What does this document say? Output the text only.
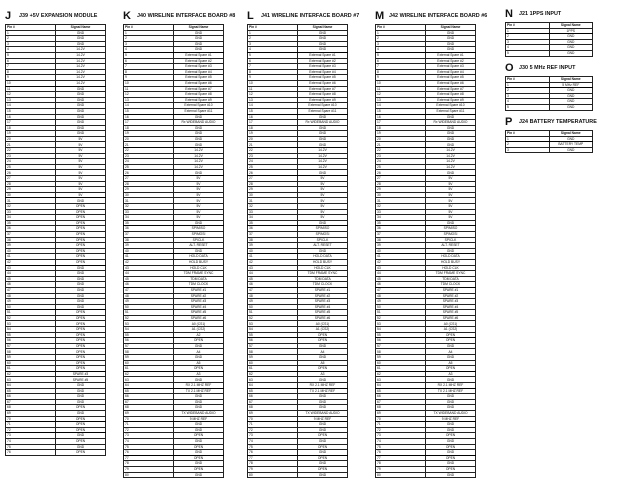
J	J39 +5V EXPANSION MODULE
Pin #	Signal Name
1	GND
2	GND
3	GND
4	14.2V
5	14.2V
6	14.2V
7	14.2V
8	14.2V
9	14.2V
10	14.2V
11	GND
12	GND
13	GND
14	GND
15	GND
16	GND
17	GND
18	GND
19	GND
20	5V
21	5V
22	5V
23	5V
24	5V
25	5V
26	5V
27	5V
28	5V
29	5V
30	5V
31	GND
32	OPEN
33	OPEN
34	OPEN
35	OPEN
36	OPEN
37	OPEN
38	OPEN
39	OPEN
40	OPEN
41	OPEN
42	OPEN
43	GND
44	GND
45	GND
46	GND
47	GND
48	GND
49	GND
50	GND
51	OPEN
52	OPEN
53	OPEN
54	OPEN
55	OPEN
56	OPEN
57	OPEN
58	OPEN
59	OPEN
60	OPEN
61	OPEN
62	SPARE #3
63	SPARE #5
64	GND
65	GND
66	GND
67	GND
68	OPEN
69	GND
70	OPEN
71	OPEN
72	OPEN
73	GND
74	OPEN
75	GND
76	OPEN
K	J40 WIRELINE INTERFACE BOARD #8
Pin #	Signal Name
1	GND
2	GND
3	GND
4	GND
5	External Spare #1
6	External Spare #2
7	External Spare #3
8	External Spare #4
9	External Spare #5
10	External Spare #6
11	External Spare #7
12	External Spare #8
13	External Spare #9
14	External Spare #10
15	External Spare #11
16	GND
17	Rx WIDEBAND AUDIO
18	GND
19	GND
20	GND
21	GND
22	14.2V
23	14.2V
24	14.2V
25	14.2V
26	GND
27	5V
28	5V
29	5V
30	5V
31	5V
32	5V
33	5V
34	5V
35	GND
36	SPIMISO
37	SPIMOSI
38	SPICLK
39	ALT. RESET
40	GND
41	HOLD DATA
42	HOLD BUSY
43	HOLD CLK
44	TDM FRAME SYNC
45	TDM DATA
46	TDM CLOCK
47	SPARE #1
48	SPARE #2
49	SPARE #3
50	SPARE #4
51	SPARE #5
52	SPARE #6
53	A0 (CS1)
54	A1 (CS2)
55	A2
56	OPEN
57	GND
58	A4
59	GND
60	A5
61	OPEN
62	A3
63	GND
64	RX 2.1 MHZ REF
65	TX 2.1 MHZ REF
66	GND
67	GND
68	GND
69	TX WIDEBAND AUDIO
70	9 MHZ REF
71	GND
72	GND
73	OPEN
74	GND
75	OPEN
76	GND
77	OPEN
78	GND
79	OPEN
80	GND
L	J41 WIRELINE INTERFACE BOARD #7
Pin #	Signal Name
1	GND
2	GND
3	GND
4	GND
5	External Spare #1
6	External Spare #2
7	External Spare #3
8	External Spare #4
9	External Spare #5
10	External Spare #6
11	External Spare #7
12	External Spare #8
13	External Spare #9
14	External Spare #10
15	External Spare #11
16	GND
17	Rx WIDEBAND AUDIO
18	GND
19	GND
20	GND
21	GND
22	14.2V
23	14.2V
24	14.2V
25	14.2V
26	GND
27	5V
28	5V
29	5V
30	5V
31	5V
32	5V
33	5V
34	5V
35	GND
36	SPIMISO
37	SPIMOSI
38	SPICLK
39	ALT. RESET
40	GND
41	HOLD DATA
42	HOLD BUSY
43	HOLD CLK
44	TDM FRAME SYNC
45	TDM DATA
46	TDM CLOCK
47	SPARE #1
48	SPARE #2
49	SPARE #3
50	SPARE #4
51	SPARE #5
52	SPARE #6
53	A0 (CS1)
54	A1 (CS2)
55	OPEN
56	OPEN
57	GND
58	A4
59	GND
60	A5
61	OPEN
62	A3
63	GND
64	RX 2.1 MHZ REF
65	TX 2.1 MHZ REF
66	GND
67	GND
68	GND
69	TX WIDEBAND AUDIO
70	9 MHZ REF
71	GND
72	GND
73	OPEN
74	GND
75	OPEN
76	GND
77	OPEN
78	GND
79	OPEN
80	GND
M J42 WIRELINE INTERFACE BOARD #6
Pin #	Signal Name
1	GND
2	GND
3	GND
4	GND
5	External Spare #1
6	External Spare #2
7	External Spare #3
8	External Spare #4
9	External Spare #5
10	External Spare #6
11	External Spare #7
12	External Spare #8
13	External Spare #9
14	External Spare #10
15	External Spare #11
16	GND
17	Rx WIDEBAND AUDIO
18	GND
19	GND
20	GND
21	GND
22	14.2V
23	14.2V
24	14.2V
25	14.2V
26	GND
27	5V
28	5V
29	5V
30	5V
31	5V
32	5V
33	5V
34	5V
35	GND
36	SPIMISO
37	SPIMOSI
38	SPICLK
39	ALT. RESET
40	GND
41	HOLD DATA
42	HOLD BUSY
43	HOLD CLK
44	TDM FRAME SYNC
45	TDM DATA
46	TDM CLOCK
47	SPARE #1
48	SPARE #2
49	SPARE #3
50	SPARE #4
51	SPARE #5
52	SPARE #6
53	A0 (CS1)
54	A1 (CS2)
55	OPEN
56	OPEN
57	GND
58	A4
59	GND
60	A5
61	OPEN
62	A3
63	GND
64	RX 2.1 MHZ REF
65	TX 2.1 MHZ REF
66	GND
67	GND
68	GND
69	TX WIDEBAND AUDIO
70	9 MHZ REF
71	GND
72	GND
73	OPEN
74	GND
75	OPEN
76	GND
77	OPEN
78	GND
79	OPEN
80	GND
N	J21 1PPS INPUT
Pin #	Signal Name
1	1PPS
2	GND
3	GND
4	GND
5	GND
O	J30 5 MHz REF INPUT
Pin #	Signal Name
1	5 MHz REF
2	GND
3	GND
4	GND
5	GND
P	J24 BATTERY TEMPERATURE
Pin #	Signal Name
1	GND
2	BATTERY TEMP
3	GND
